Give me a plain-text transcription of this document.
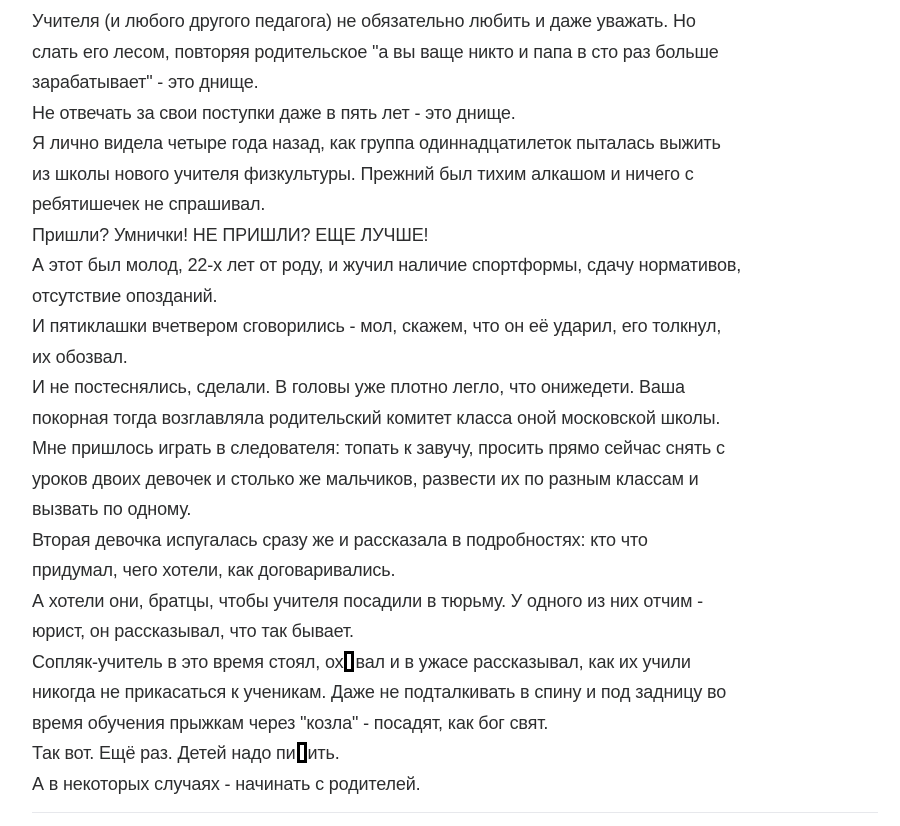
Учителя (и любого другого педагога) не обязательно любить и даже уважать. Но
слать его лесом, повторяя родительское "а вы ваще никто и папа в сто раз больше
зарабатывает" - это днище.
Не отвечать за свои поступки даже в пять лет - это днище.
Я лично видела четыре года назад, как группа одиннадцатилеток пыталась выжить
из школы нового учителя физкультуры. Прежний был тихим алкашом и ничего с
ребятишечек не спрашивал.
Пришли? Умнички! НЕ ПРИШЛИ? ЕЩЕ ЛУЧШЕ!
А этот был молод, 22-х лет от роду, и жучил наличие спортформы, сдачу нормативов,
отсутствие опозданий.
И пятиклашки вчетвером сговорились - мол, скажем, что он её ударил, его толкнул,
их обозвал.
И не постеснялись, сделали. В головы уже плотно легло, что онижедети. Ваша
покорная тогда возглавляла родительский комитет класса оной московской школы.
Мне пришлось играть в следователя: топать к завучу, просить прямо сейчас снять с
уроков двоих девочек и столько же мальчиков, развести их по разным классам и
вызвать по одному.
Вторая девочка испугалась сразу же и рассказала в подробностях: кто что
придумал, чего хотели, как договаривались.
А хотели они, братцы, чтобы учителя посадили в тюрьму. У одного из них отчим -
юрист, он рассказывал, что так бывает.
Сопляк-учитель в это время стоял, ох вал и в ужасе рассказывал, как их учили
никогда не прикасаться к ученикам. Даже не подталкивать в спину и под задницу во
время обучения прыжкам через "козла" - посадят, как бог свят.
Так вот. Ещё раз. Детей надо пи ить.
А в некоторых случаях - начинать с родителей.
